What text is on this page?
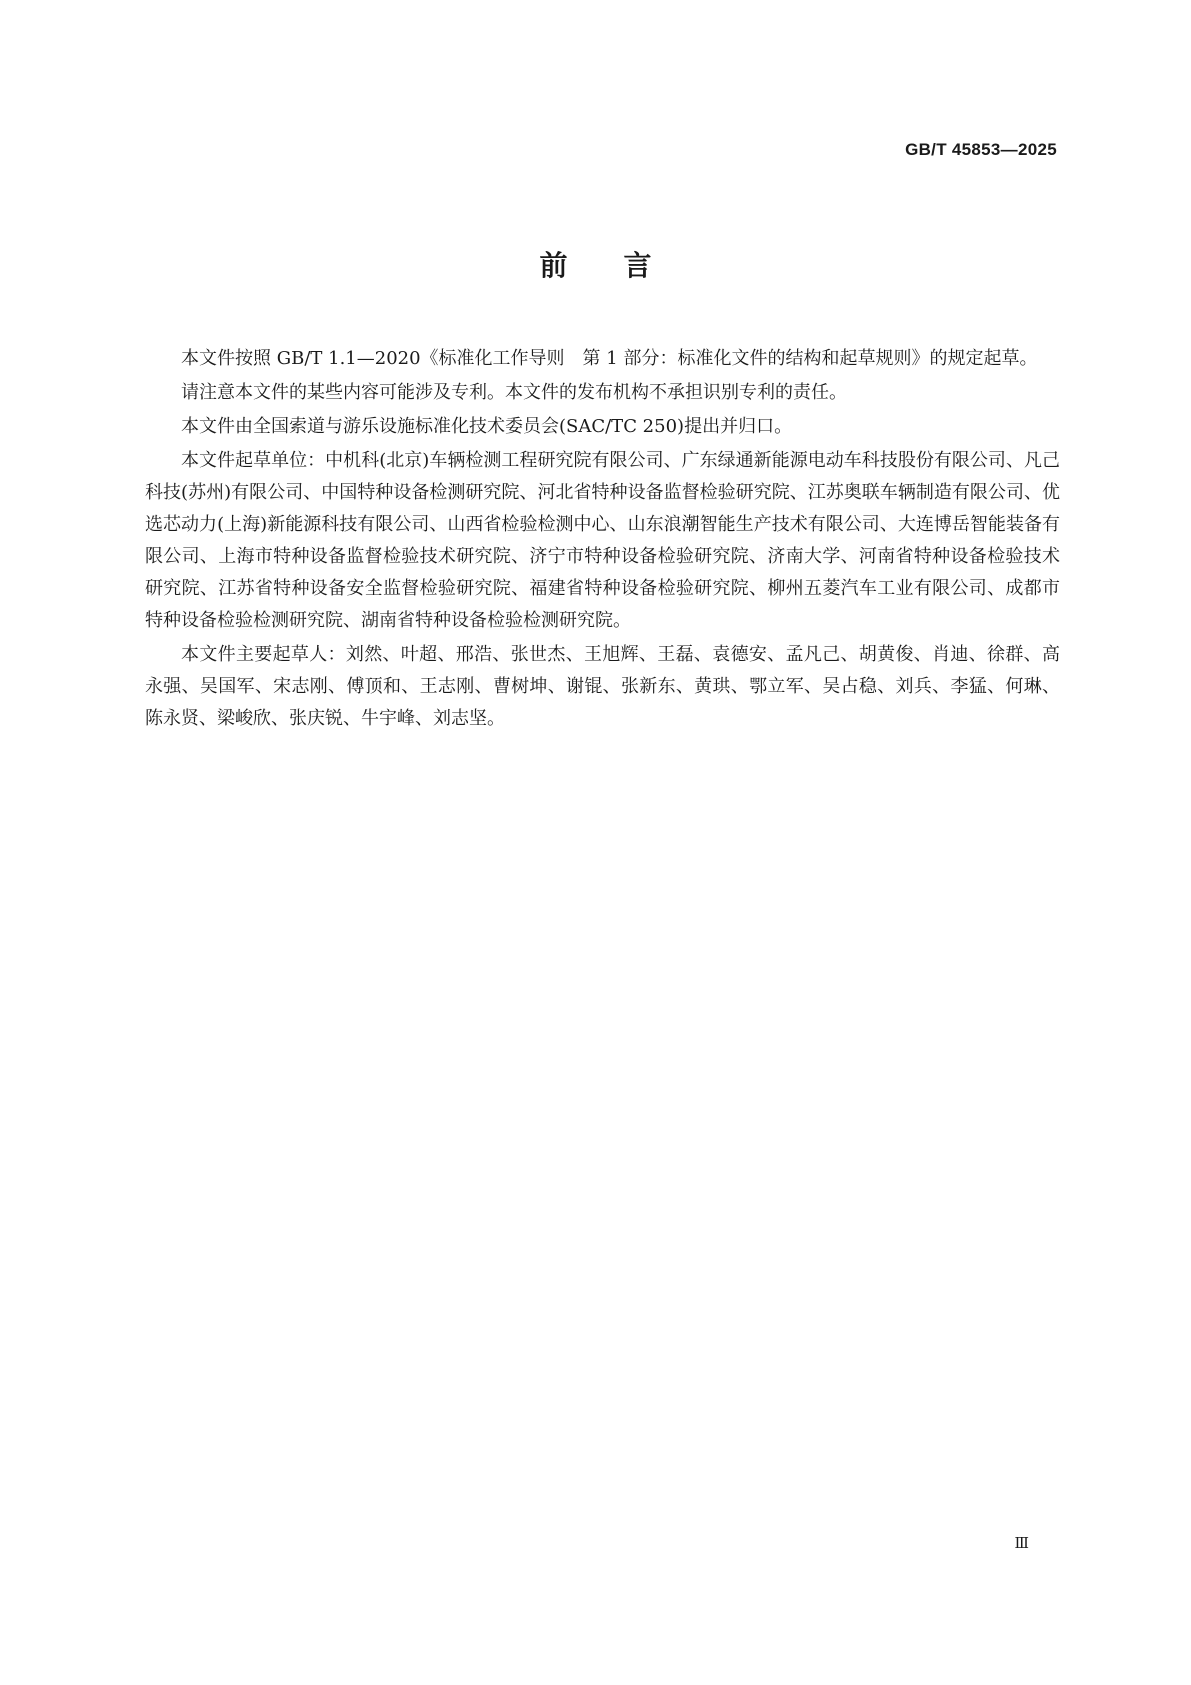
GB/T 45853—2025
前言

本文件按照 GB/T 1.1—2020《标准化工作导则　第 1 部分：标准化文件的结构和起草规则》的规定起草。

请注意本文件的某些内容可能涉及专利。本文件的发布机构不承担识别专利的责任。

本文件由全国索道与游乐设施标准化技术委员会(SAC/TC 250)提出并归口。

本文件起草单位：中机科(北京)车辆检测工程研究院有限公司、广东绿通新能源电动车科技股份有限公司、凡己科技(苏州)有限公司、中国特种设备检测研究院、河北省特种设备监督检验研究院、江苏奥联车辆制造有限公司、优选芯动力(上海)新能源科技有限公司、山西省检验检测中心、山东浪潮智能生产技术有限公司、大连博岳智能装备有限公司、上海市特种设备监督检验技术研究院、济宁市特种设备检验研究院、济南大学、河南省特种设备检验技术研究院、江苏省特种设备安全监督检验研究院、福建省特种设备检验研究院、柳州五菱汽车工业有限公司、成都市特种设备检验检测研究院、湖南省特种设备检验检测研究院。

本文件主要起草人：刘然、叶超、邢浩、张世杰、王旭辉、王磊、袁德安、孟凡己、胡黄俊、肖迪、徐群、高永强、吴国军、宋志刚、傅顶和、王志刚、曹树坤、谢锟、张新东、黄珙、鄂立军、吴占稳、刘兵、李猛、何琳、陈永贤、梁峻欣、张庆锐、牛宇峰、刘志坚。

Ⅲ
